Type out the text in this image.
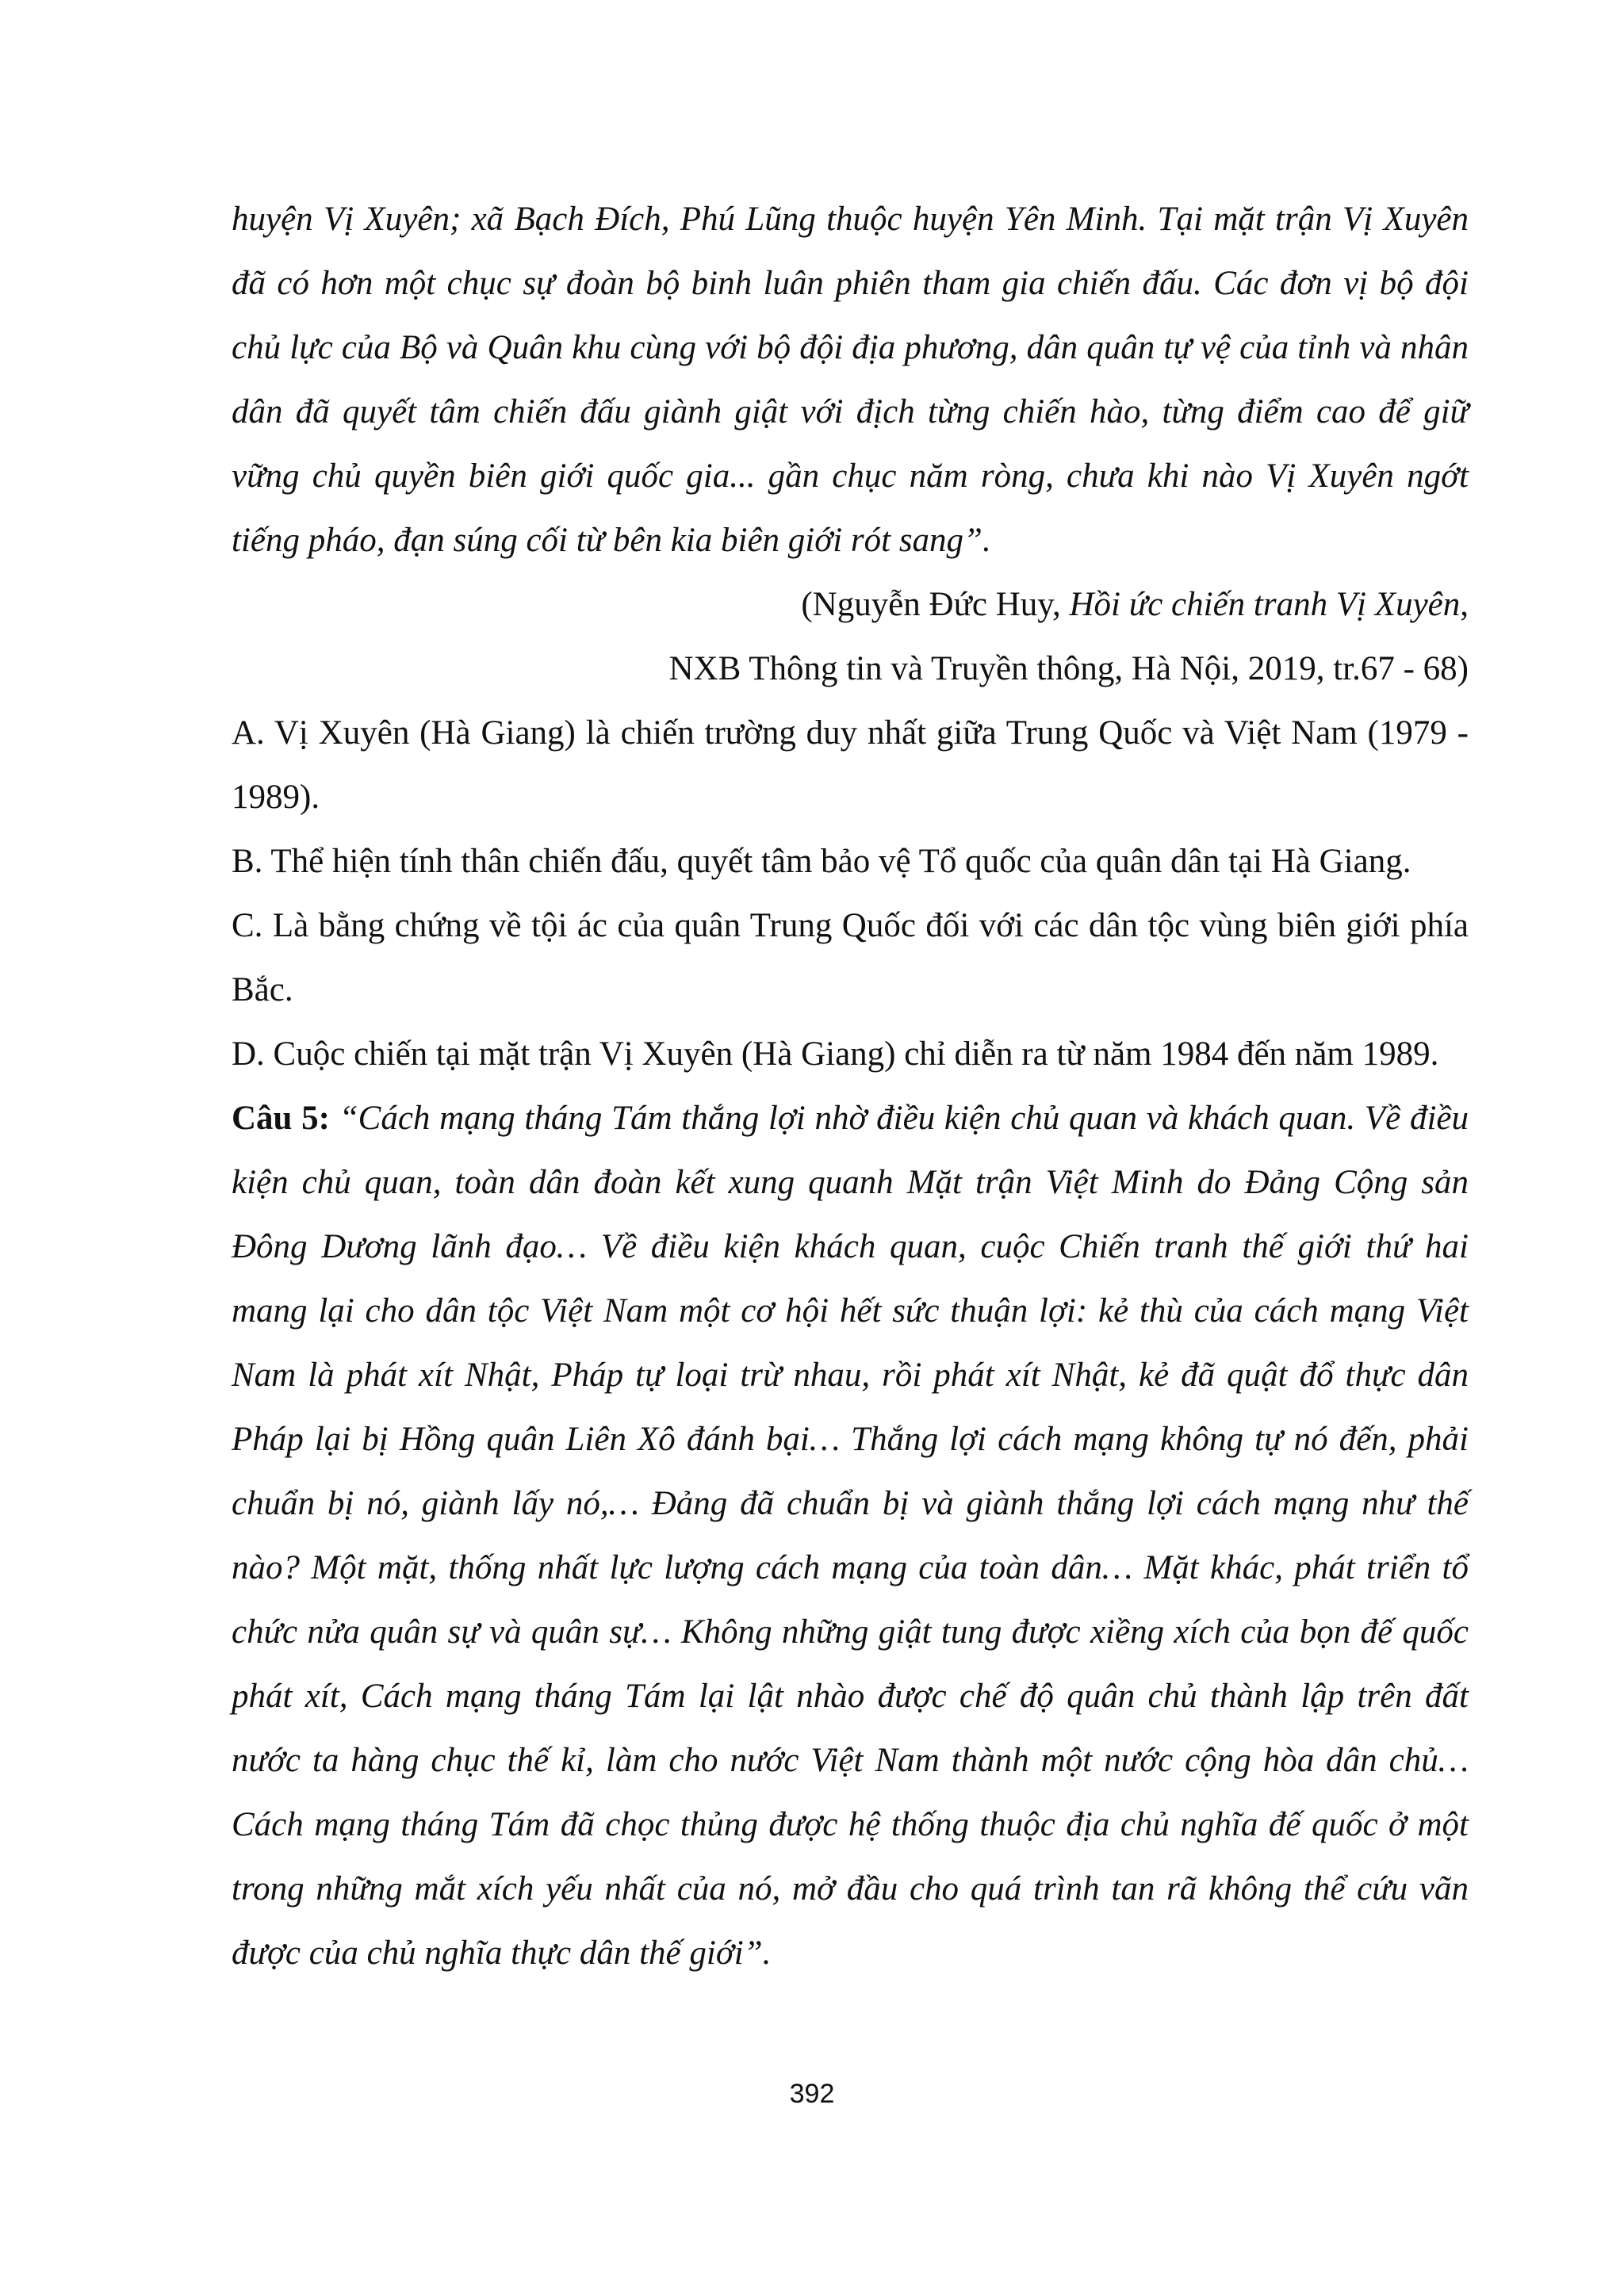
huyện Vị Xuyên; xã Bạch Đích, Phú Lũng thuộc huyện Yên Minh. Tại mặt trận Vị Xuyên đã có hơn một chục sự đoàn bộ binh luân phiên tham gia chiến đấu. Các đơn vị bộ đội chủ lực của Bộ và Quân khu cùng với bộ đội địa phương, dân quân tự vệ của tỉnh và nhân dân đã quyết tâm chiến đấu giành giật với địch từng chiến hào, từng điểm cao để giữ vững chủ quyền biên giới quốc gia... gần chục năm ròng, chưa khi nào Vị Xuyên ngớt tiếng pháo, đạn súng cối từ bên kia biên giới rót sang”.

(Nguyễn Đức Huy, Hồi ức chiến tranh Vị Xuyên,

NXB Thông tin và Truyền thông, Hà Nội, 2019, tr.67 - 68)

A. Vị Xuyên (Hà Giang) là chiến trường duy nhất giữa Trung Quốc và Việt Nam (1979 - 1989).

B. Thể hiện tính thân chiến đấu, quyết tâm bảo vệ Tổ quốc của quân dân tại Hà Giang.

C. Là bằng chứng về tội ác của quân Trung Quốc đối với các dân tộc vùng biên giới phía Bắc.

D. Cuộc chiến tại mặt trận Vị Xuyên (Hà Giang) chỉ diễn ra từ năm 1984 đến năm 1989.

Câu 5: “Cách mạng tháng Tám thắng lợi nhờ điều kiện chủ quan và khách quan. Về điều kiện chủ quan, toàn dân đoàn kết xung quanh Mặt trận Việt Minh do Đảng Cộng sản Đông Dương lãnh đạo… Về điều kiện khách quan, cuộc Chiến tranh thế giới thứ hai mang lại cho dân tộc Việt Nam một cơ hội hết sức thuận lợi: kẻ thù của cách mạng Việt Nam là phát xít Nhật, Pháp tự loại trừ nhau, rồi phát xít Nhật, kẻ đã quật đổ thực dân Pháp lại bị Hồng quân Liên Xô đánh bại… Thắng lợi cách mạng không tự nó đến, phải chuẩn bị nó, giành lấy nó,… Đảng đã chuẩn bị và giành thắng lợi cách mạng như thế nào? Một mặt, thống nhất lực lượng cách mạng của toàn dân… Mặt khác, phát triển tổ chức nửa quân sự và quân sự… Không những giật tung được xiềng xích của bọn đế quốc phát xít, Cách mạng tháng Tám lại lật nhào được chế độ quân chủ thành lập trên đất nước ta hàng chục thế kỉ, làm cho nước Việt Nam thành một nước cộng hòa dân chủ… Cách mạng tháng Tám đã chọc thủng được hệ thống thuộc địa chủ nghĩa đế quốc ở một trong những mắt xích yếu nhất của nó, mở đầu cho quá trình tan rã không thể cứu vãn được của chủ nghĩa thực dân thế giới”.

392
